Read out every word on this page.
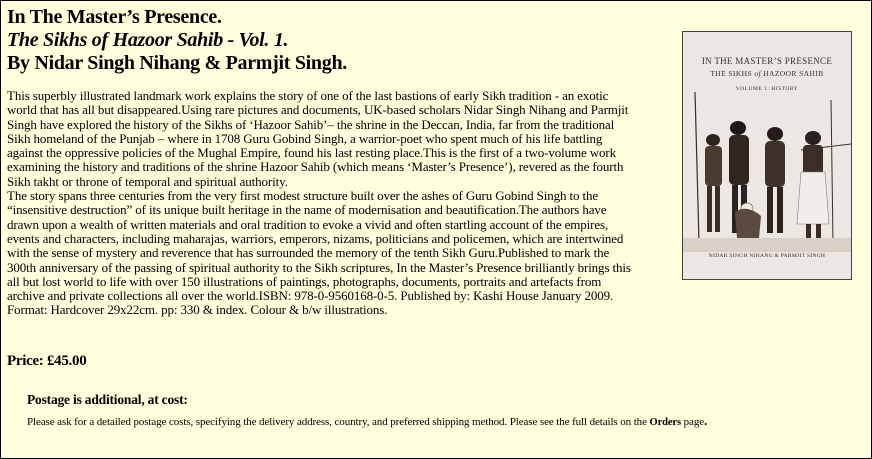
In The Master’s Presence.
The Sikhs of Hazoor Sahib - Vol. 1.
By Nidar Singh Nihang & Parmjit Singh.

This superbly illustrated landmark work explains the story of one of the last bastions of early Sikh tradition - an exotic world that has all but disappeared.Using rare pictures and documents, UK-based scholars Nidar Singh Nihang and Parmjit Singh have explored the history of the Sikhs of ‘Hazoor Sahib’– the shrine in the Deccan, India, far from the traditional Sikh homeland of the Punjab – where in 1708 Guru Gobind Singh, a warrior-poet who spent much of his life battling against the oppressive policies of the Mughal Empire, found his last resting place.This is the first of a two-volume work examining the history and traditions of the shrine Hazoor Sahib (which means ‘Master’s Presence’), revered as the fourth Sikh takht or throne of temporal and spiritual authority.

The story spans three centuries from the very first modest structure built over the ashes of Guru Gobind Singh to the “insensitive destruction” of its unique built heritage in the name of modernisation and beautification.The authors have drawn upon a wealth of written materials and oral tradition to evoke a vivid and often startling account of the empires, events and characters, including maharajas, warriors, emperors, nizams, politicians and policemen, which are intertwined with the sense of mystery and reverence that has surrounded the memory of the tenth Sikh Guru.Published to mark the 300th anniversary of the passing of spiritual authority to the Sikh scriptures, In the Master’s Presence brilliantly brings this all but lost world to life with over 150 illustrations of paintings, photographs, documents, portraits and artefacts from archive and private collections all over the world.ISBN: 978-0-9560168-0-5. Published by: Kashi House January 2009. Format: Hardcover 29x22cm. pp: 330 & index. Colour & b/w illustrations.

Price: £45.00
Postage is additional, at cost:
Please ask for a detailed postage costs, specifying the delivery address, country, and preferred shipping method. Please see the full details on the Orders page.
IN THE MASTER’S PRESENCE
THE SIKHS of HAZOOR SAHIB
VOLUME 1: HISTORY
NIDAR SINGH NIHANG & PARMJIT SINGH
